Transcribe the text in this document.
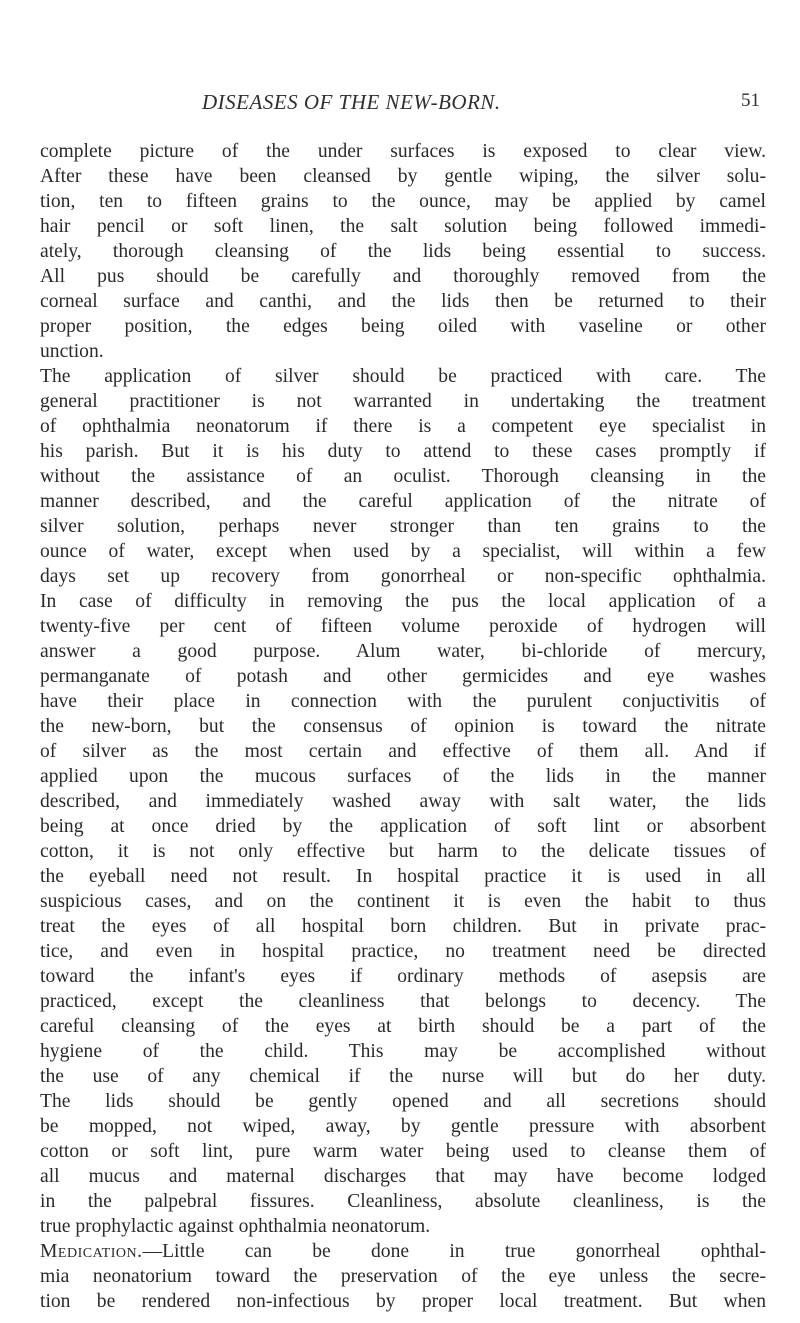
DISEASES OF THE NEW-BORN.	51
complete picture of the under surfaces is exposed to clear view.
After these have been cleansed by gentle wiping, the silver solu-
tion, ten to fifteen grains to the ounce, may be applied by camel
hair pencil or soft linen, the salt solution being followed immedi-
ately, thorough cleansing of the lids being essential to success.
All pus should be carefully and thoroughly removed from the
corneal surface and canthi, and the lids then be returned to their
proper position, the edges being oiled with vaseline or other
unction.
The application of silver should be practiced with care. The
general practitioner is not warranted in undertaking the treatment
of ophthalmia neonatorum if there is a competent eye specialist in
his parish. But it is his duty to attend to these cases promptly if
without the assistance of an oculist. Thorough cleansing in the
manner described, and the careful application of the nitrate of
silver solution, perhaps never stronger than ten grains to the
ounce of water, except when used by a specialist, will within a few
days set up recovery from gonorrheal or non-specific ophthalmia.
In case of difficulty in removing the pus the local application of a
twenty-five per cent of fifteen volume peroxide of hydrogen will
answer a good purpose. Alum water, bi-chloride of mercury,
permanganate of potash and other germicides and eye washes
have their place in connection with the purulent conjuctivitis of
the new-born, but the consensus of opinion is toward the nitrate
of silver as the most certain and effective of them all. And if
applied upon the mucous surfaces of the lids in the manner
described, and immediately washed away with salt water, the lids
being at once dried by the application of soft lint or absorbent
cotton, it is not only effective but harm to the delicate tissues of
the eyeball need not result. In hospital practice it is used in all
suspicious cases, and on the continent it is even the habit to thus
treat the eyes of all hospital born children. But in private prac-
tice, and even in hospital practice, no treatment need be directed
toward the infant's eyes if ordinary methods of asepsis are
practiced, except the cleanliness that belongs to decency. The
careful cleansing of the eyes at birth should be a part of the
hygiene of the child. This may be accomplished without
the use of any chemical if the nurse will but do her duty.
The lids should be gently opened and all secretions should
be mopped, not wiped, away, by gentle pressure with absorbent
cotton or soft lint, pure warm water being used to cleanse them of
all mucus and maternal discharges that may have become lodged
in the palpebral fissures. Cleanliness, absolute cleanliness, is the
true prophylactic against ophthalmia neonatorum.
Medication.—Little can be done in true gonorrheal ophthal-
mia neonatorium toward the preservation of the eye unless the secre-
tion be rendered non-infectious by proper local treatment. But when
